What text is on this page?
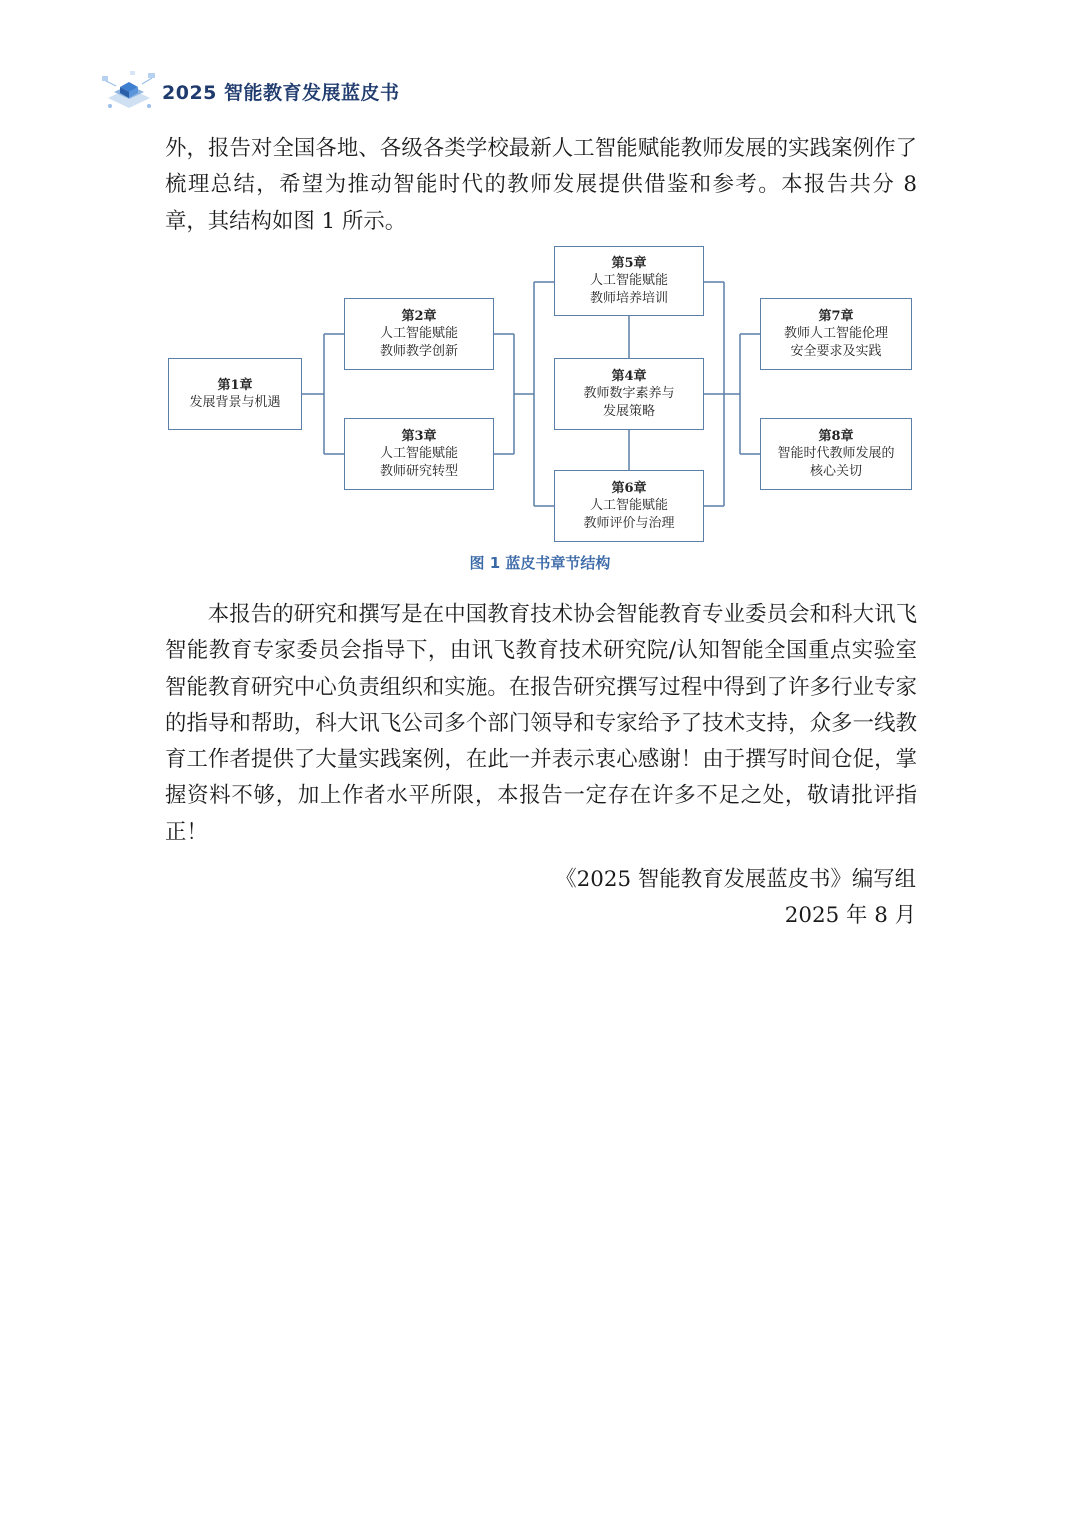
2025 智能教育发展蓝皮书

外，报告对全国各地、各级各类学校最新人工智能赋能教师发展的实践案例作了梳理总结，希望为推动智能时代的教师发展提供借鉴和参考。本报告共分 8 章，其结构如图 1 所示。

第1章
发展背景与机遇
第2章
人工智能赋能
教师教学创新
第3章
人工智能赋能
教师研究转型
第4章
教师数字素养与
发展策略
第5章
人工智能赋能
教师培养培训
第6章
人工智能赋能
教师评价与治理
第7章
教师人工智能伦理
安全要求及实践
第8章
智能时代教师发展的
核心关切
图 1 蓝皮书章节结构

本报告的研究和撰写是在中国教育技术协会智能教育专业委员会和科大讯飞智能教育专家委员会指导下，由讯飞教育技术研究院/认知智能全国重点实验室智能教育研究中心负责组织和实施。在报告研究撰写过程中得到了许多行业专家的指导和帮助，科大讯飞公司多个部门领导和专家给予了技术支持，众多一线教育工作者提供了大量实践案例，在此一并表示衷心感谢！由于撰写时间仓促，掌握资料不够，加上作者水平所限，本报告一定存在许多不足之处，敬请批评指正！

《2025 智能教育发展蓝皮书》编写组

2025 年 8 月
